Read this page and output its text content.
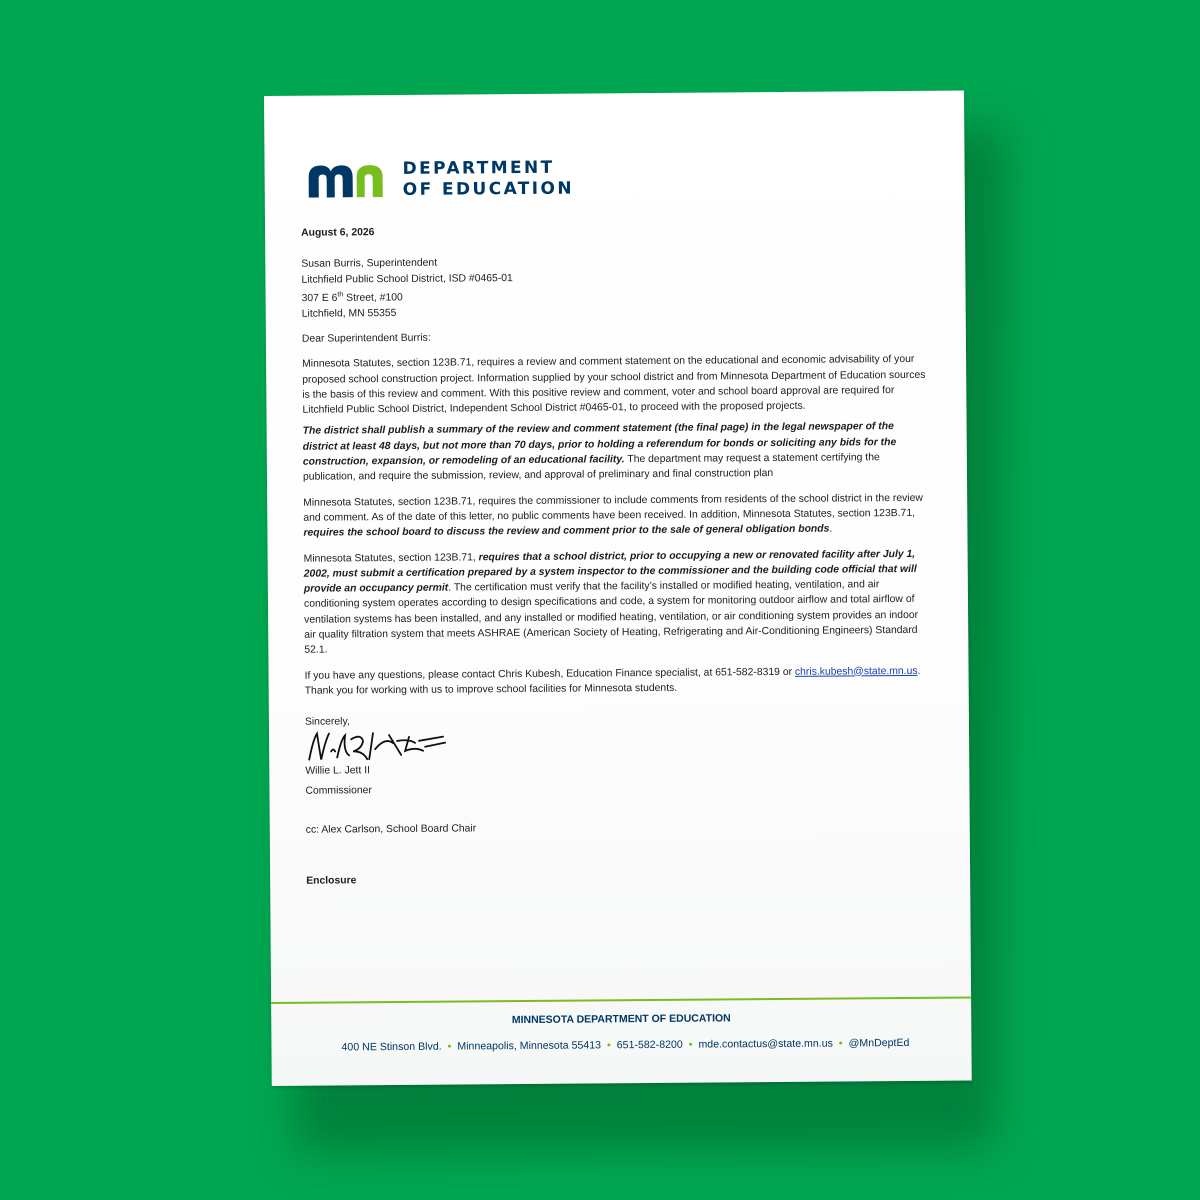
DEPARTMENT
OF EDUCATION

August 6, 2026

Susan Burris, Superintendent
Litchfield Public School District, ISD #0465-01
307 E 6th Street, #100
Litchfield, MN 55355

Dear Superintendent Burris:

Minnesota Statutes, section 123B.71, requires a review and comment statement on the educational and economic advisability of your proposed school construction project. Information supplied by your school district and from Minnesota Department of Education sources is the basis of this review and comment. With this positive review and comment, voter and school board approval are required for Litchfield Public School District, Independent School District #0465-01, to proceed with the proposed projects.

The district shall publish a summary of the review and comment statement (the final page) in the legal newspaper of the district at least 48 days, but not more than 70 days, prior to holding a referendum for bonds or soliciting any bids for the construction, expansion, or remodeling of an educational facility. The department may request a statement certifying the publication, and require the submission, review, and approval of preliminary and final construction plan

Minnesota Statutes, section 123B.71, requires the commissioner to include comments from residents of the school district in the review and comment. As of the date of this letter, no public comments have been received. In addition, Minnesota Statutes, section 123B.71, requires the school board to discuss the review and comment prior to the sale of general obligation bonds.

Minnesota Statutes, section 123B.71, requires that a school district, prior to occupying a new or renovated facility after July 1, 2002, must submit a certification prepared by a system inspector to the commissioner and the building code official that will provide an occupancy permit. The certification must verify that the facility’s installed or modified heating, ventilation, and air conditioning system operates according to design specifications and code, a system for monitoring outdoor airflow and total airflow of ventilation systems has been installed, and any installed or modified heating, ventilation, or air conditioning system provides an indoor air quality filtration system that meets ASHRAE (American Society of Heating, Refrigerating and Air-Conditioning Engineers) Standard 52.1.

If you have any questions, please contact Chris Kubesh, Education Finance specialist, at 651-582-8319 or chris.kubesh@state.mn.us. Thank you for working with us to improve school facilities for Minnesota students.

Sincerely,

Willie L. Jett II
Commissioner

cc: Alex Carlson, School Board Chair

Enclosure

MINNESOTA DEPARTMENT OF EDUCATION
400 NE Stinson Blvd. • Minneapolis, Minnesota 55413 • 651-582-8200 • mde.contactus@state.mn.us • @MnDeptEd
